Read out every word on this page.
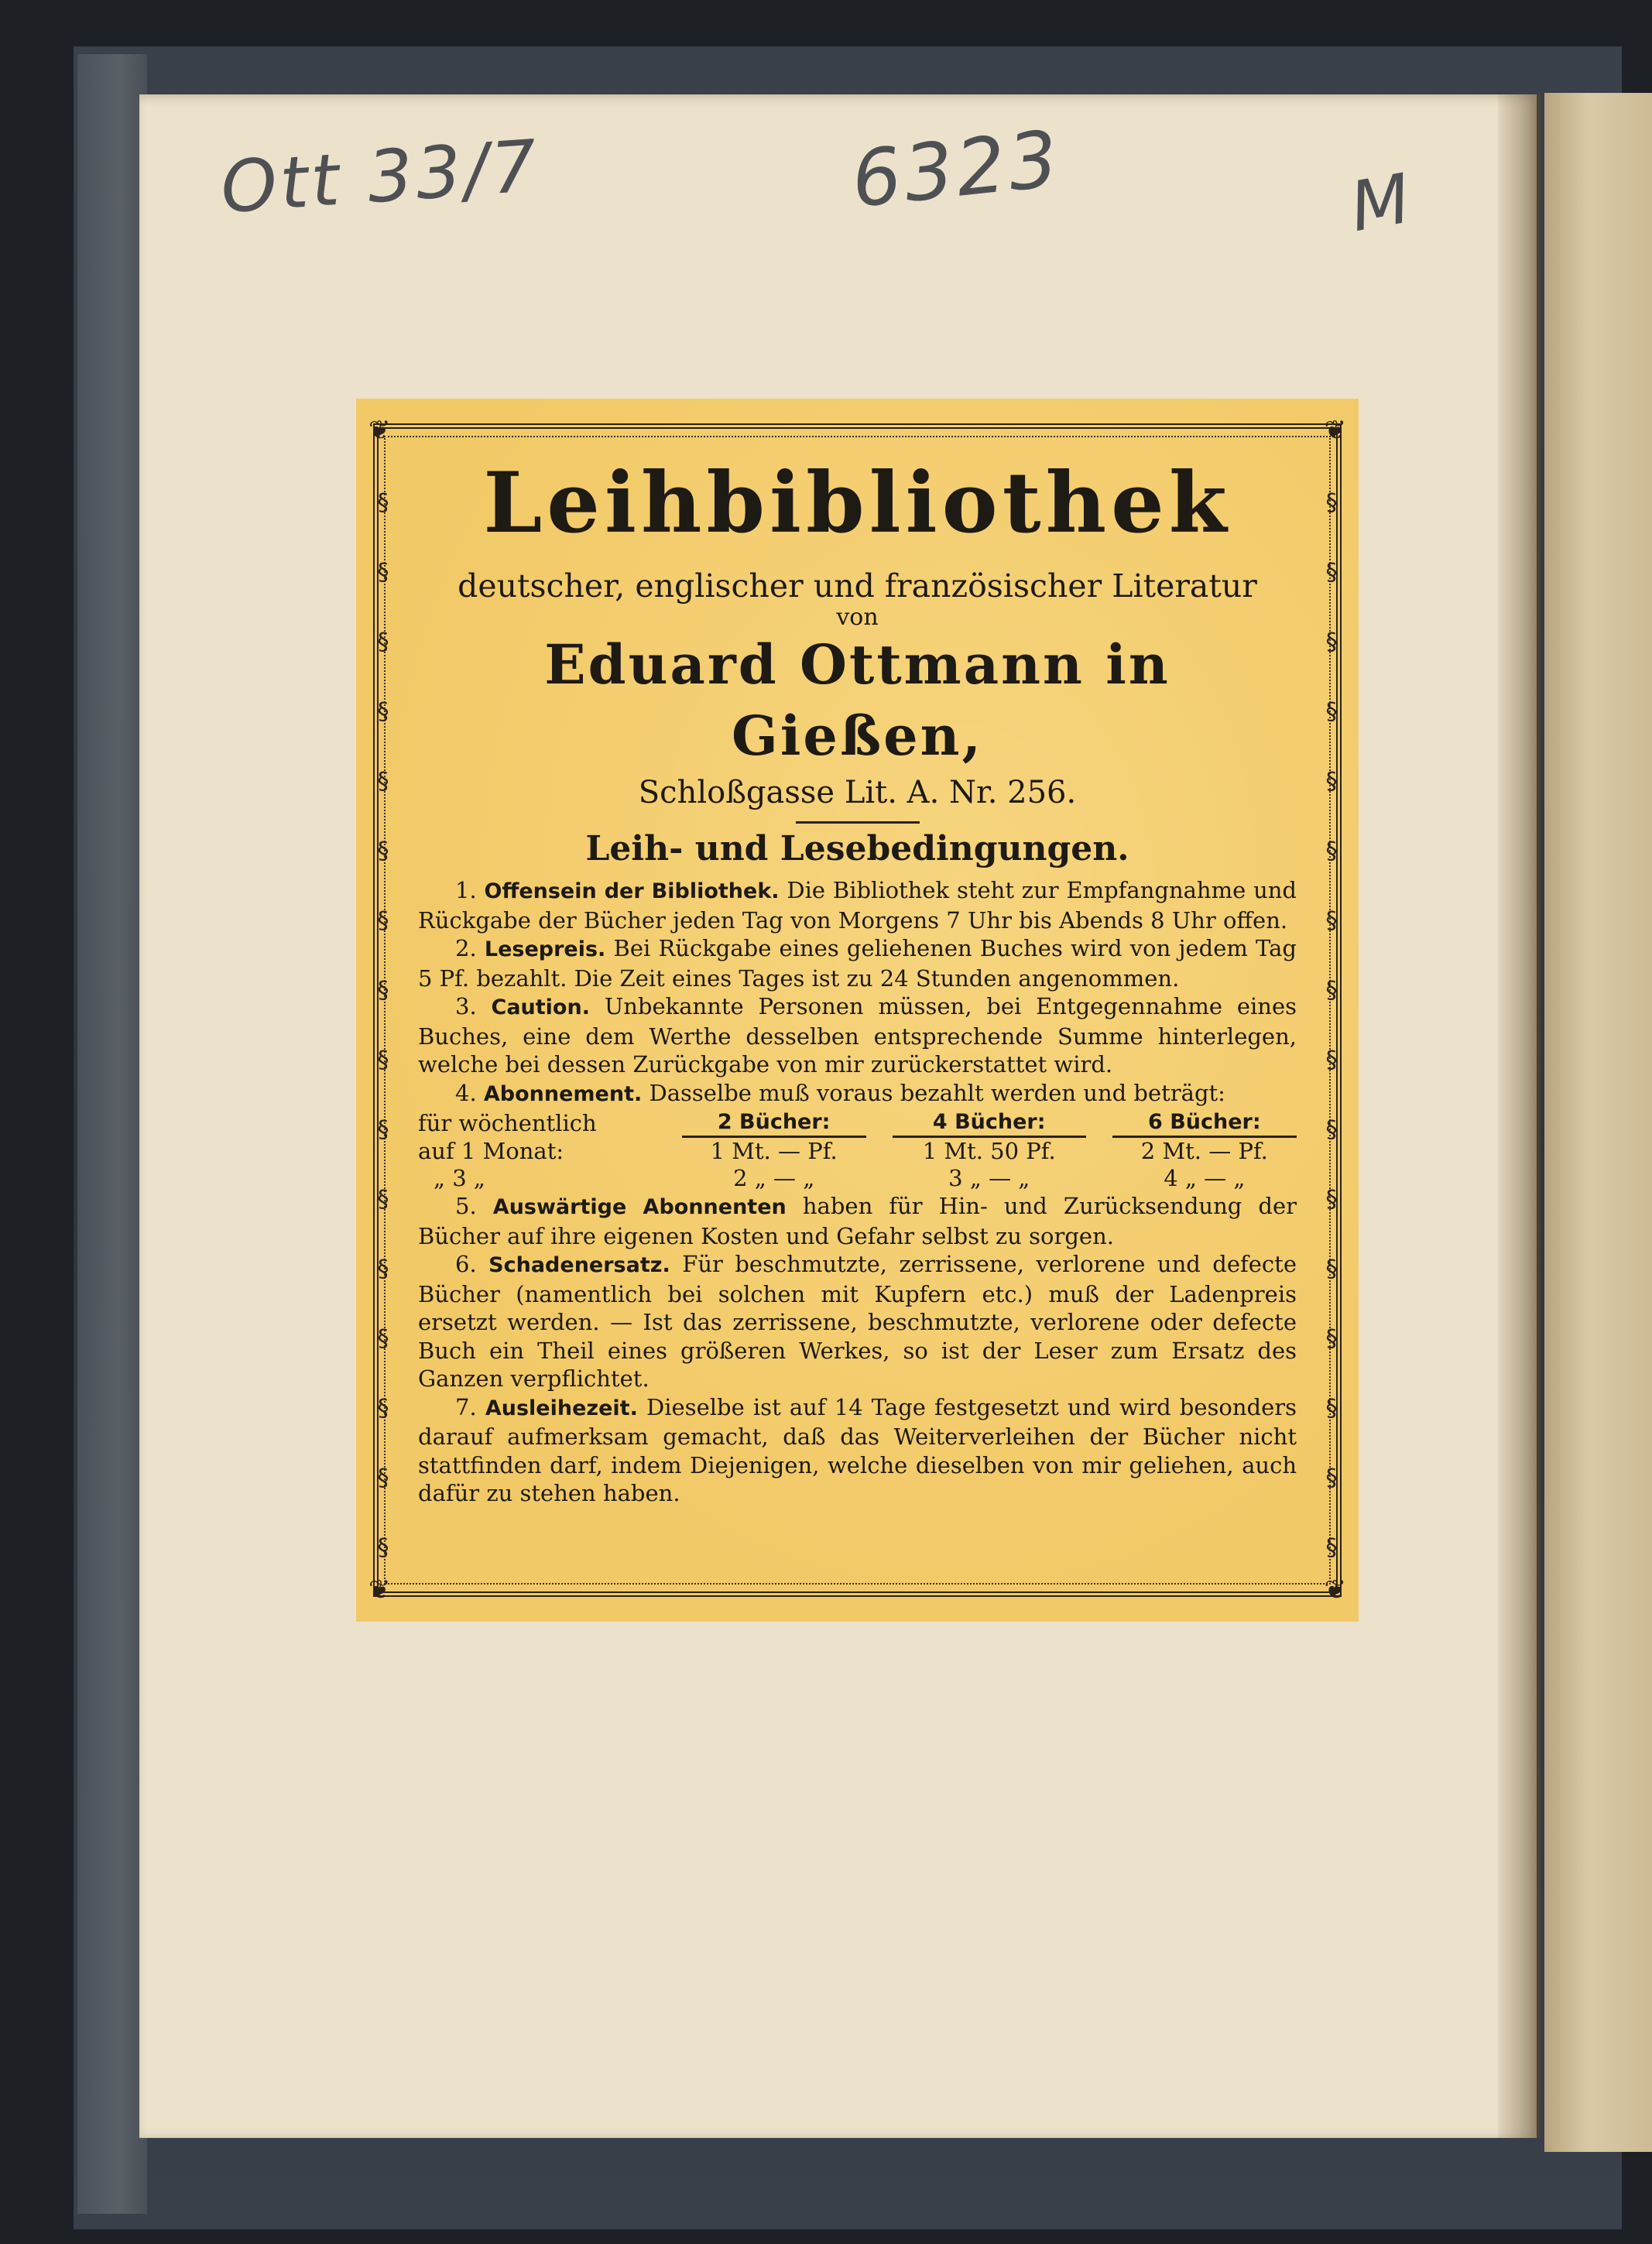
Ott 33/7	6323	M
❦	❦
❦	❦
§
§
§
§
§
§
§
§
§
§
§
§
§
§
§
§
§
§
§
§
§
§
§
§
§
§
§
§
§
§
§
§
Leihbibliothek
deutscher, englischer und französischer Literatur
von
Eduard Ottmann in Gießen,
Schloßgasse Lit. A. Nr. 256.
Leih- und Lesebedingungen.

1. Offensein der Bibliothek. Die Bibliothek steht zur Empfangnahme und Rückgabe der Bücher jeden Tag von Morgens 7 Uhr bis Abends 8 Uhr offen.

2. Lesepreis. Bei Rückgabe eines geliehenen Buches wird von jedem Tag 5 Pf. bezahlt. Die Zeit eines Tages ist zu 24 Stunden angenommen.

3. Caution. Unbekannte Personen müssen, bei Entgegennahme eines Buches, eine dem Werthe desselben entsprechende Summe hinterlegen, welche bei dessen Zurückgabe von mir zurückerstattet wird.

4. Abonnement. Dasselbe muß voraus bezahlt werden und beträgt:

für wöchentlich	2 Bücher:		4 Bücher:		6 Bücher:
auf 1 Monat:	1 Mt. — Pf.		1 Mt. 50 Pf.		2 Mt. — Pf.
„ 3 „	2 „ — „		3 „ — „		4 „ — „

5. Auswärtige Abonnenten haben für Hin- und Zurücksendung der Bücher auf ihre eigenen Kosten und Gefahr selbst zu sorgen.

6. Schadenersatz. Für beschmutzte, zerrissene, verlorene und defecte Bücher (namentlich bei solchen mit Kupfern etc.) muß der Ladenpreis ersetzt werden. — Ist das zerrissene, beschmutzte, verlorene oder defecte Buch ein Theil eines größeren Werkes, so ist der Leser zum Ersatz des Ganzen verpflichtet.

7. Ausleihezeit. Dieselbe ist auf 14 Tage festgesetzt und wird besonders darauf aufmerksam gemacht, daß das Weiterverleihen der Bücher nicht stattfinden darf, indem Diejenigen, welche dieselben von mir geliehen, auch dafür zu stehen haben.
